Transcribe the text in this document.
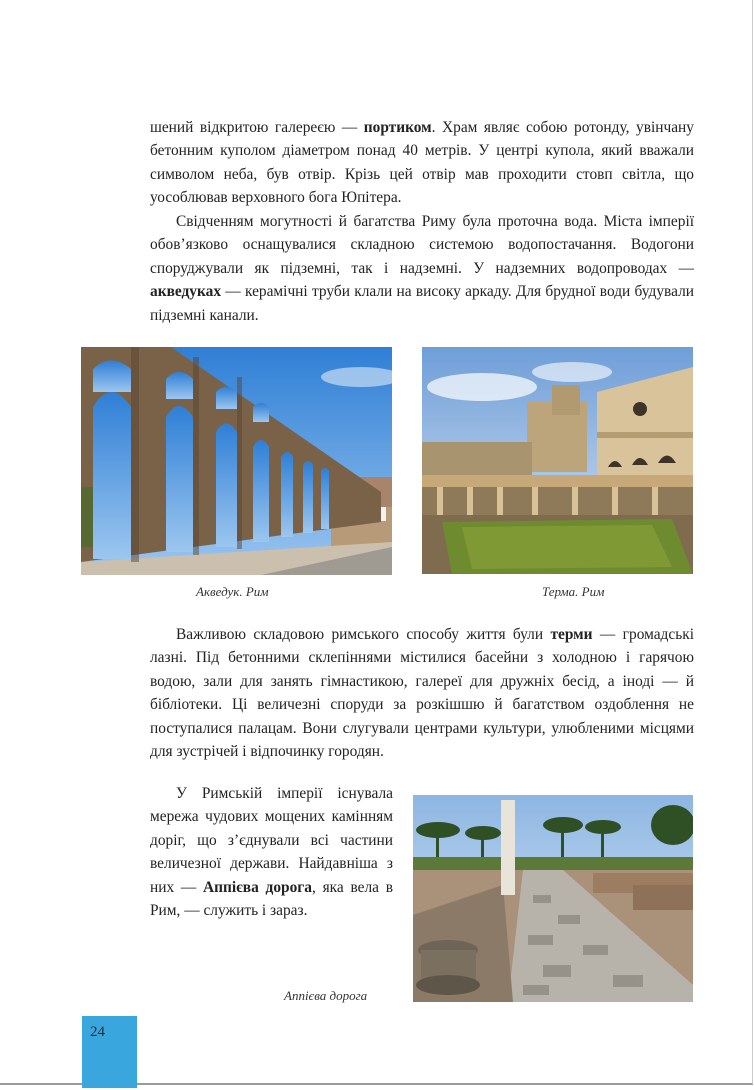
шений відкритою галереєю — портиком. Храм являє собою ротонду, увінчану бетонним куполом діаметром понад 40 метрів. У центрі купола, який вважали символом неба, був отвір. Крізь цей отвір мав проходити стовп світла, що уособлював верховного бога Юпітера.

Свідченням могутності й багатства Риму була проточна вода. Міста імперії обов’язково оснащувалися складною системою водопостачання. Водогони споруджували як підземні, так і надземні. У надземних водопроводах — акведуках — керамічні труби клали на високу аркаду. Для брудної води будували підземні канали.

Акведук. Рим	Терма. Рим

Важливою складовою римського способу життя були терми — громадські лазні. Під бетонними склепіннями містилися басейни з холодною і гарячою водою, зали для занять гімнастикою, галереї для дружніх бесід, а іноді — й бібліотеки. Ці величезні споруди за розкішшю й багатством оздоблення не поступалися палацам. Вони слугували центрами культури, улюбленими місцями для зустрічей і відпочинку городян.

У Римській імперії існувала мережа чудових мощених камінням доріг, що з’єднували всі частини величезної держави. Найдавніша з них — Аппієва дорога, яка вела в Рим, — служить і зараз.

Аппієва дорога
24
